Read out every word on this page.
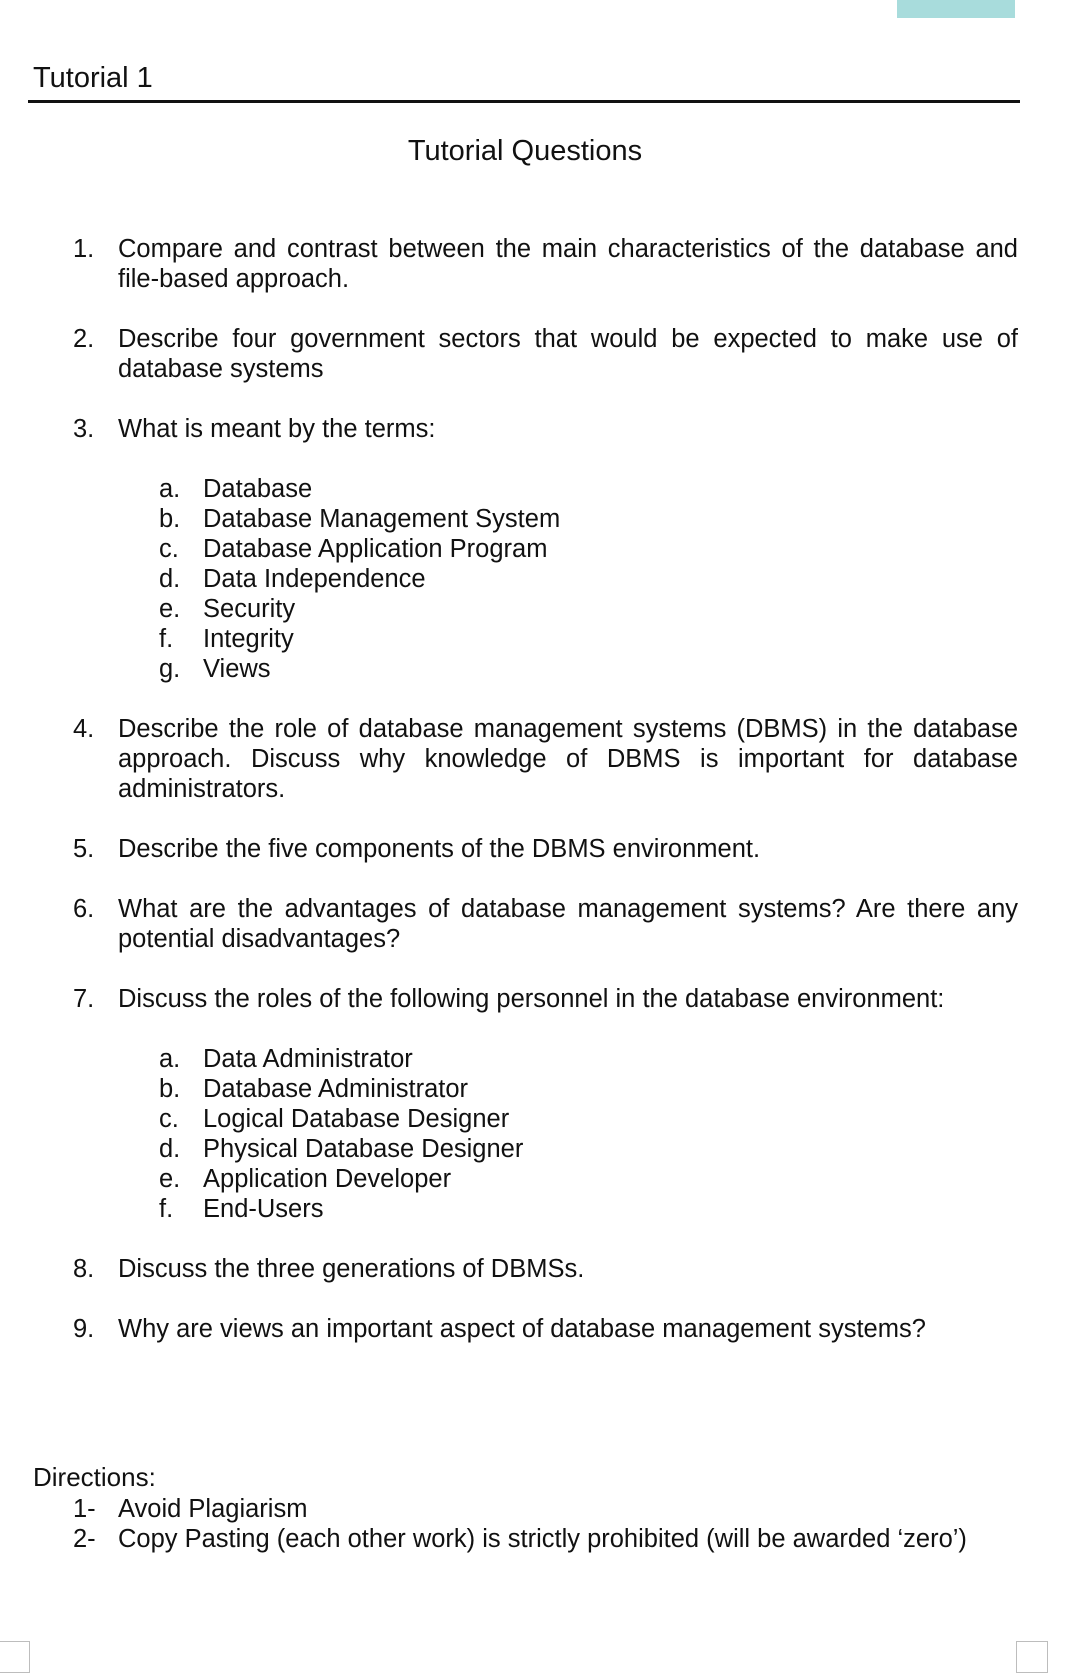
Tutorial 1
Tutorial Questions
1. Compare and contrast between the main characteristics of the database and file-based approach.
2. Describe four government sectors that would be expected to make use of database systems
3. What is meant by the terms:
a. Database
b. Database Management System
c. Database Application Program
d. Data Independence
e. Security
f. Integrity
g. Views
4. Describe the role of database management systems (DBMS) in the database approach. Discuss why knowledge of DBMS is important for database administrators.
5. Describe the five components of the DBMS environment.
6. What are the advantages of database management systems? Are there any potential disadvantages?
7. Discuss the roles of the following personnel in the database environment:
a. Data Administrator
b. Database Administrator
c. Logical Database Designer
d. Physical Database Designer
e. Application Developer
f. End-Users
8. Discuss the three generations of DBMSs.
9. Why are views an important aspect of database management systems?
Directions:
1- Avoid Plagiarism
2- Copy Pasting (each other work) is strictly prohibited (will be awarded ‘zero’)
